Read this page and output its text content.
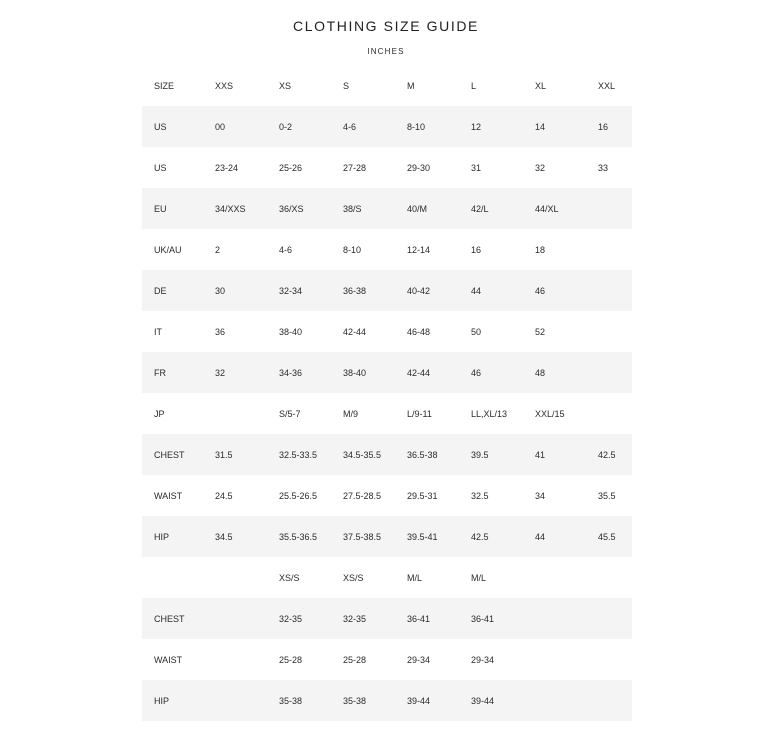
CLOTHING SIZE GUIDE
INCHES
SIZE	XXS	XS	S	M	L	XL	XXL
US	00	0-2	4-6	8-10	12	14	16
US	23-24	25-26	27-28	29-30	31	32	33
EU	34/XXS	36/XS	38/S	40/M	42/L	44/XL	
UK/AU	2	4-6	8-10	12-14	16	18	
DE	30	32-34	36-38	40-42	44	46	
IT	36	38-40	42-44	46-48	50	52	
FR	32	34-36	38-40	42-44	46	48	
JP		S/5-7	M/9	L/9-11	LL,XL/13	XXL/15	
CHEST	31.5	32.5-33.5	34.5-35.5	36.5-38	39.5	41	42.5
WAIST	24.5	25.5-26.5	27.5-28.5	29.5-31	32.5	34	35.5
HIP	34.5	35.5-36.5	37.5-38.5	39.5-41	42.5	44	45.5
		XS/S	XS/S	M/L	M/L		
CHEST		32-35	32-35	36-41	36-41		
WAIST		25-28	25-28	29-34	29-34		
HIP		35-38	35-38	39-44	39-44		
